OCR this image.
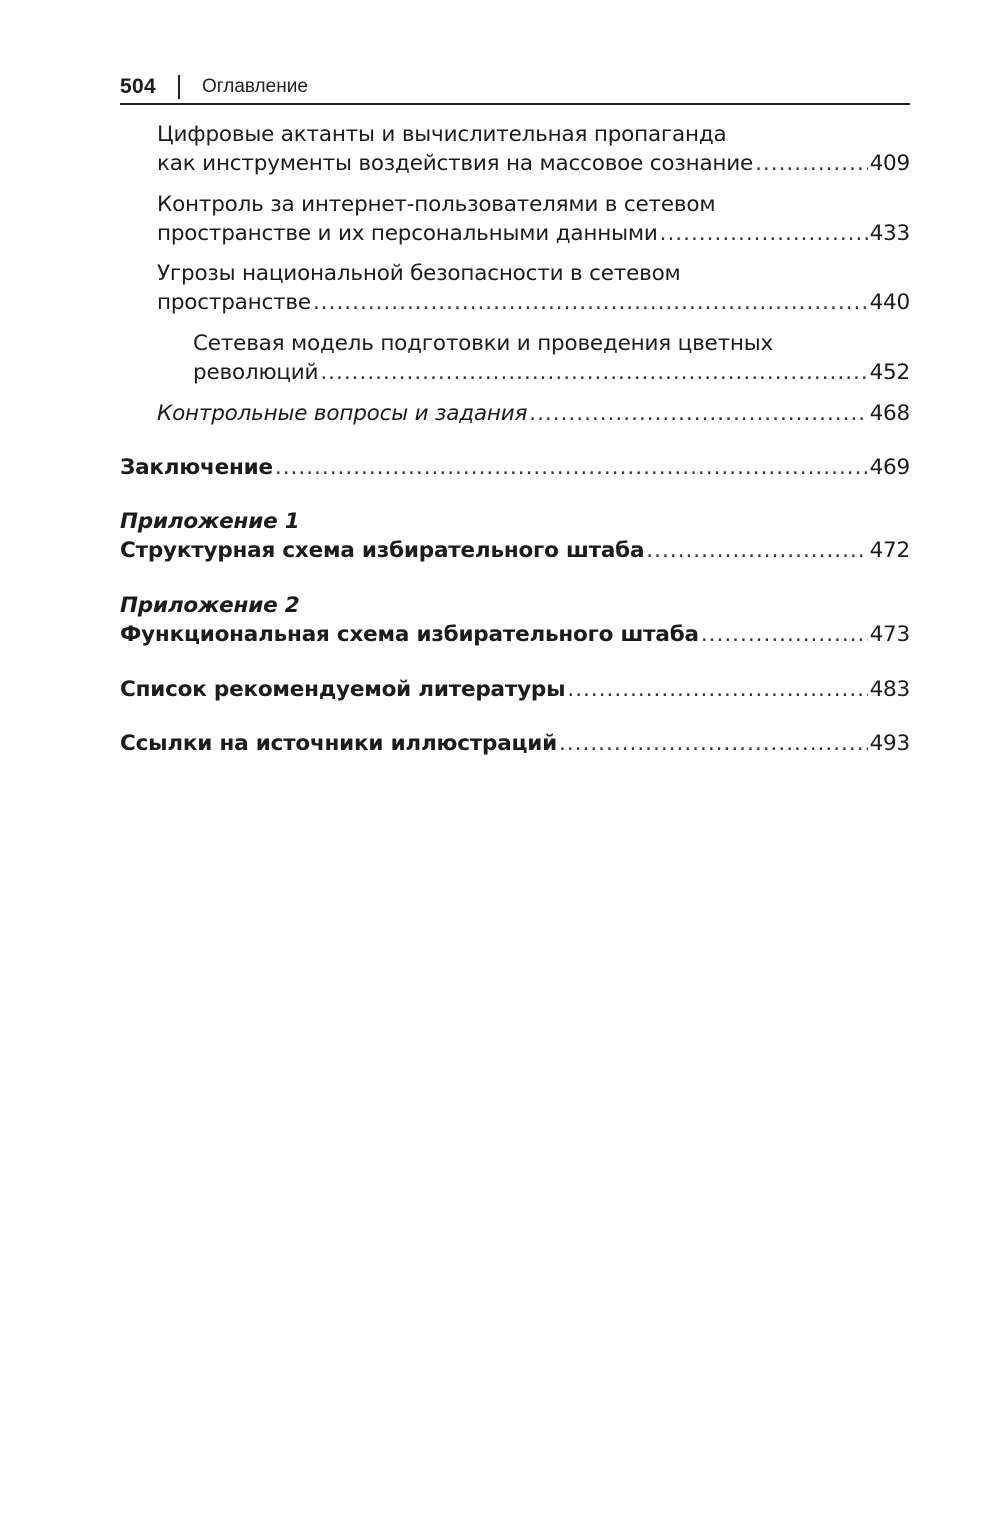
504 Оглавление
Цифровые актанты и вычислительная пропаганда
как инструменты воздействия на массовое сознание .....	409
Контроль за интернет-пользователями в сетевом
пространстве и их персональными данными .....	433
Угрозы национальной безопасности в сетевом
пространстве .....	440
Сетевая модель подготовки и проведения цветных
революций .....	452
Контрольные вопросы и задания .....	468
Заключение .....	469
Приложение 1
Структурная схема избирательного штаба .....	472
Приложение 2
Функциональная схема избирательного штаба .....	473
Список рекомендуемой литературы .....	483
Ссылки на источники иллюстраций .....	493
